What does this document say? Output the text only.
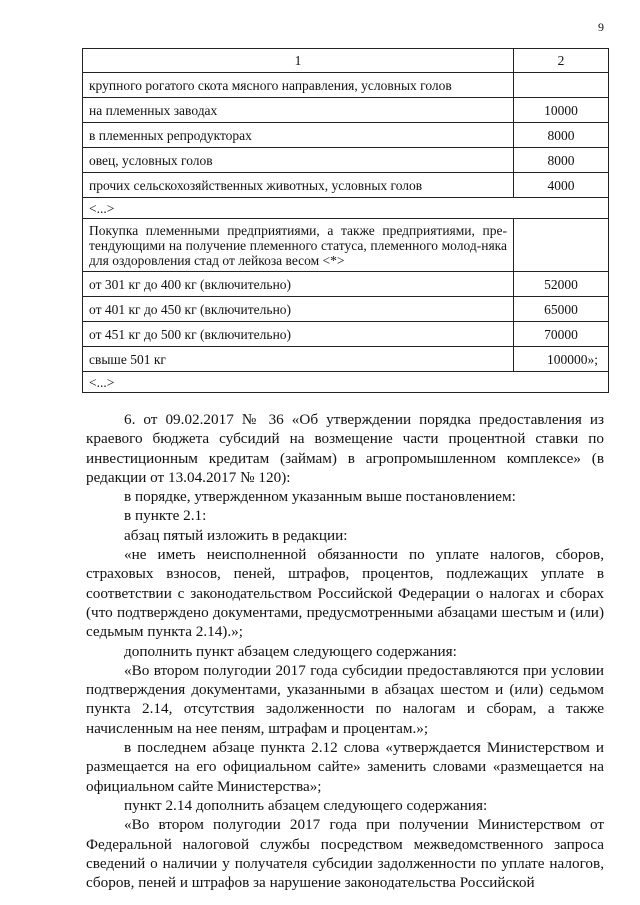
9
1	2
крупного рогатого скота мясного направления, условных голов	
на племенных заводах	10000
в племенных репродукторах	8000
овец, условных голов	8000
прочих сельскохозяйственных животных, условных голов	4000
<...>	
Покупка племенными предприятиями, а также предприятиями, пре-тендующими на получение племенного статуса, племенного молод-няка для оздоровления стад от лейкоза весом <*>	
от 301 кг до 400 кг (включительно)	52000
от 401 кг до 450 кг (включительно)	65000
от 451 кг до 500 кг (включительно)	70000
свыше 501 кг	100000»;
<...>	

6. от 09.02.2017 № 36 «Об утверждении порядка предоставления из краевого бюджета субсидий на возмещение части процентной ставки по инвестиционным кредитам (займам) в агропромышленном комплексе» (в редакции от 13.04.2017 № 120):

в порядке, утвержденном указанным выше постановлением:

в пункте 2.1:

абзац пятый изложить в редакции:

«не иметь неисполненной обязанности по уплате налогов, сборов, страховых взносов, пеней, штрафов, процентов, подлежащих уплате в соответствии с законодательством Российской Федерации о налогах и сборах (что подтверждено документами, предусмотренными абзацами шестым и (или) седьмым пункта 2.14).»;

дополнить пункт абзацем следующего содержания:

«Во втором полугодии 2017 года субсидии предоставляются при условии подтверждения документами, указанными в абзацах шестом и (или) седьмом пункта 2.14, отсутствия задолженности по налогам и сборам, а также начисленным на нее пеням, штрафам и процентам.»;

в последнем абзаце пункта 2.12 слова «утверждается Министерством и размещается на его официальном сайте» заменить словами «размещается на официальном сайте Министерства»;

пункт 2.14 дополнить абзацем следующего содержания:

«Во втором полугодии 2017 года при получении Министерством от Федеральной налоговой службы посредством межведомственного запроса сведений о наличии у получателя субсидии задолженности по уплате налогов, сборов, пеней и штрафов за нарушение законодательства Российской
